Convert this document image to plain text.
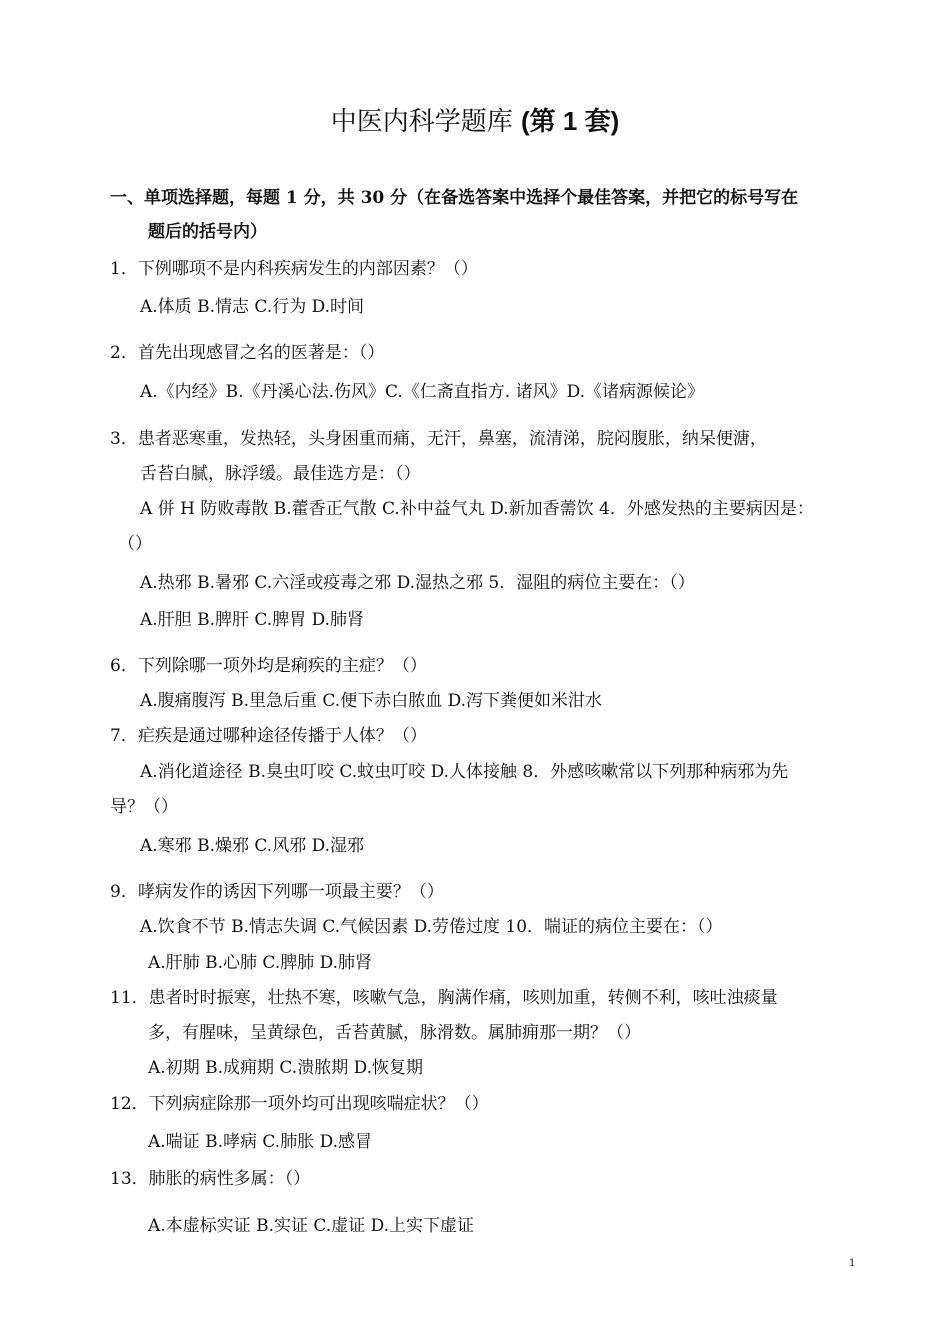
中医内科学题库 (第 1 套)
一、单项选择题，每题 1 分，共 30 分（在备选答案中选择个最佳答案，并把它的标号写在
题后的括号内）
1．下例哪项不是内科疾病发生的内部因素？（）
A.体质 B.情志 C.行为 D.时间
2．首先出现感冒之名的医著是：（）
A.《内经》B.《丹溪心法.伤风》C.《仁斋直指方. 诸风》D.《诸病源候论》
3．患者恶寒重，发热轻，头身困重而痛，无汗，鼻塞，流清涕，脘闷腹胀，纳呆便溏，
舌苔白腻，脉浮缓。最佳选方是：（）
A 併 H 防败毒散 B.藿香正气散 C.补中益气丸 D.新加香薷饮 4．外感发热的主要病因是：
（）
A.热邪 B.暑邪 C.六淫或疫毒之邪 D.湿热之邪 5．湿阻的病位主要在：（）
A.肝胆 B.脾肝 C.脾胃 D.肺肾
6．下列除哪一项外均是痢疾的主症？（）
A.腹痛腹泻 B.里急后重 C.便下赤白脓血 D.泻下粪便如米泔水
7．疟疾是通过哪种途径传播于人体？（）
A.消化道途径 B.臭虫叮咬 C.蚊虫叮咬 D.人体接触 8．外感咳嗽常以下列那种病邪为先
导？（）
A.寒邪 B.燥邪 C.风邪 D.湿邪
9．哮病发作的诱因下列哪一项最主要？（）
A.饮食不节 B.情志失调 C.气候因素 D.劳倦过度 10．喘证的病位主要在：（）
A.肝肺 B.心肺 C.脾肺 D.肺肾
11．患者时时振寒，壮热不寒，咳嗽气急，胸满作痛，咳则加重，转侧不利，咳吐浊痰量
多，有腥味，呈黄绿色，舌苔黄腻，脉滑数。属肺痈那一期？（）
A.初期 B.成痈期 C.溃脓期 D.恢复期
12．下列病症除那一项外均可出现咳喘症状？（）
A.喘证 B.哮病 C.肺胀 D.感冒
13．肺胀的病性多属：（）
A.本虚标实证 B.实证 C.虚证 D.上实下虚证
1
